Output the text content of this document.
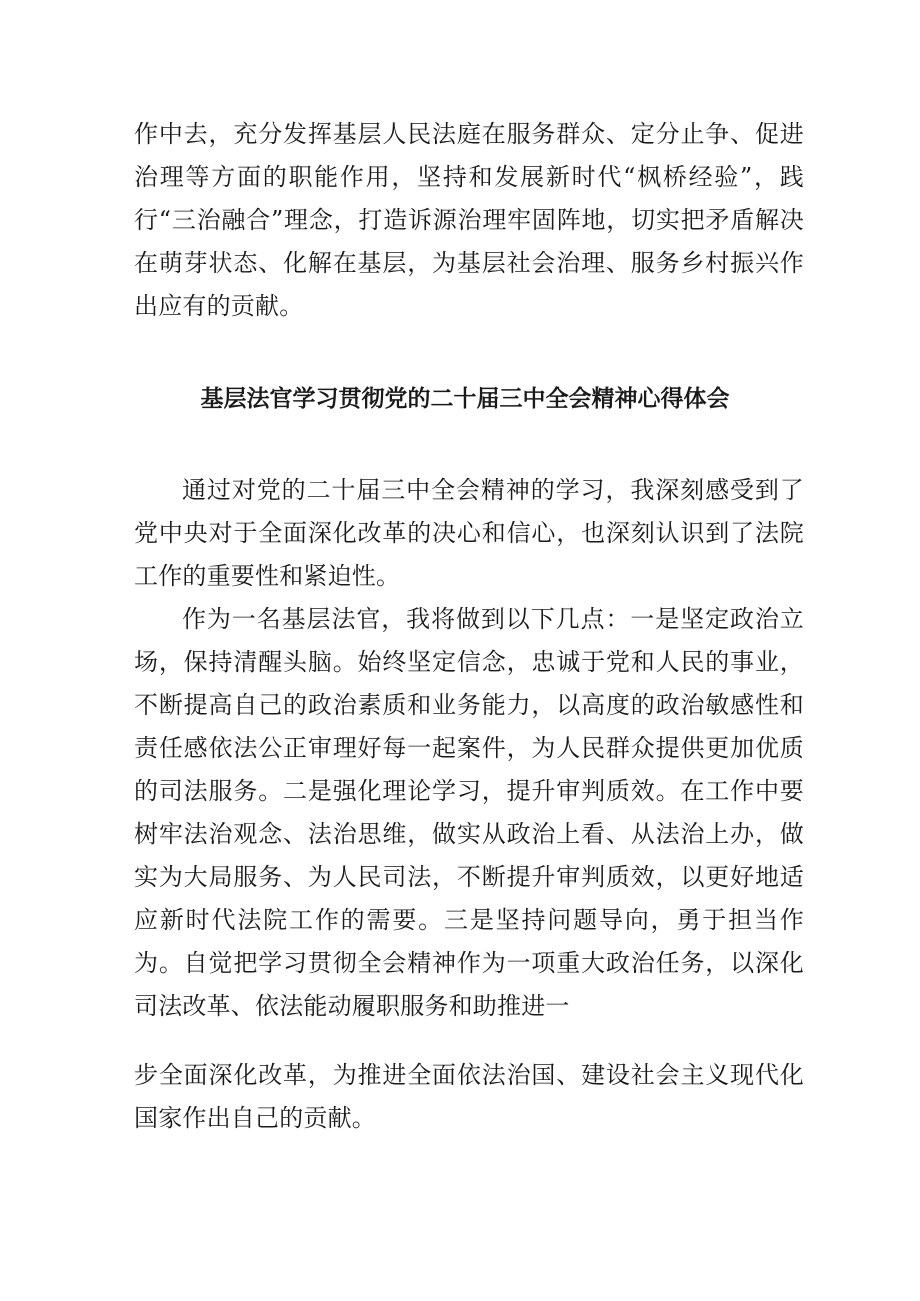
作中去，充分发挥基层人民法庭在服务群众、定分止争、促进治理等方面的职能作用，坚持和发展新时代“枫桥经验”，践行“三治融合”理念，打造诉源治理牢固阵地，切实把矛盾解决在萌芽状态、化解在基层，为基层社会治理、服务乡村振兴作出应有的贡献。

基层法官学习贯彻党的二十届三中全会精神心得体会

通过对党的二十届三中全会精神的学习，我深刻感受到了党中央对于全面深化改革的决心和信心，也深刻认识到了法院工作的重要性和紧迫性。

作为一名基层法官，我将做到以下几点：一是坚定政治立场，保持清醒头脑。始终坚定信念，忠诚于党和人民的事业，不断提高自己的政治素质和业务能力，以高度的政治敏感性和责任感依法公正审理好每一起案件，为人民群众提供更加优质的司法服务。二是强化理论学习，提升审判质效。在工作中要树牢法治观念、法治思维，做实从政治上看、从法治上办，做实为大局服务、为人民司法，不断提升审判质效，以更好地适应新时代法院工作的需要。三是坚持问题导向，勇于担当作为。自觉把学习贯彻全会精神作为一项重大政治任务，以深化司法改革、依法能动履职服务和助推进一

步全面深化改革，为推进全面依法治国、建设社会主义现代化国家作出自己的贡献。
